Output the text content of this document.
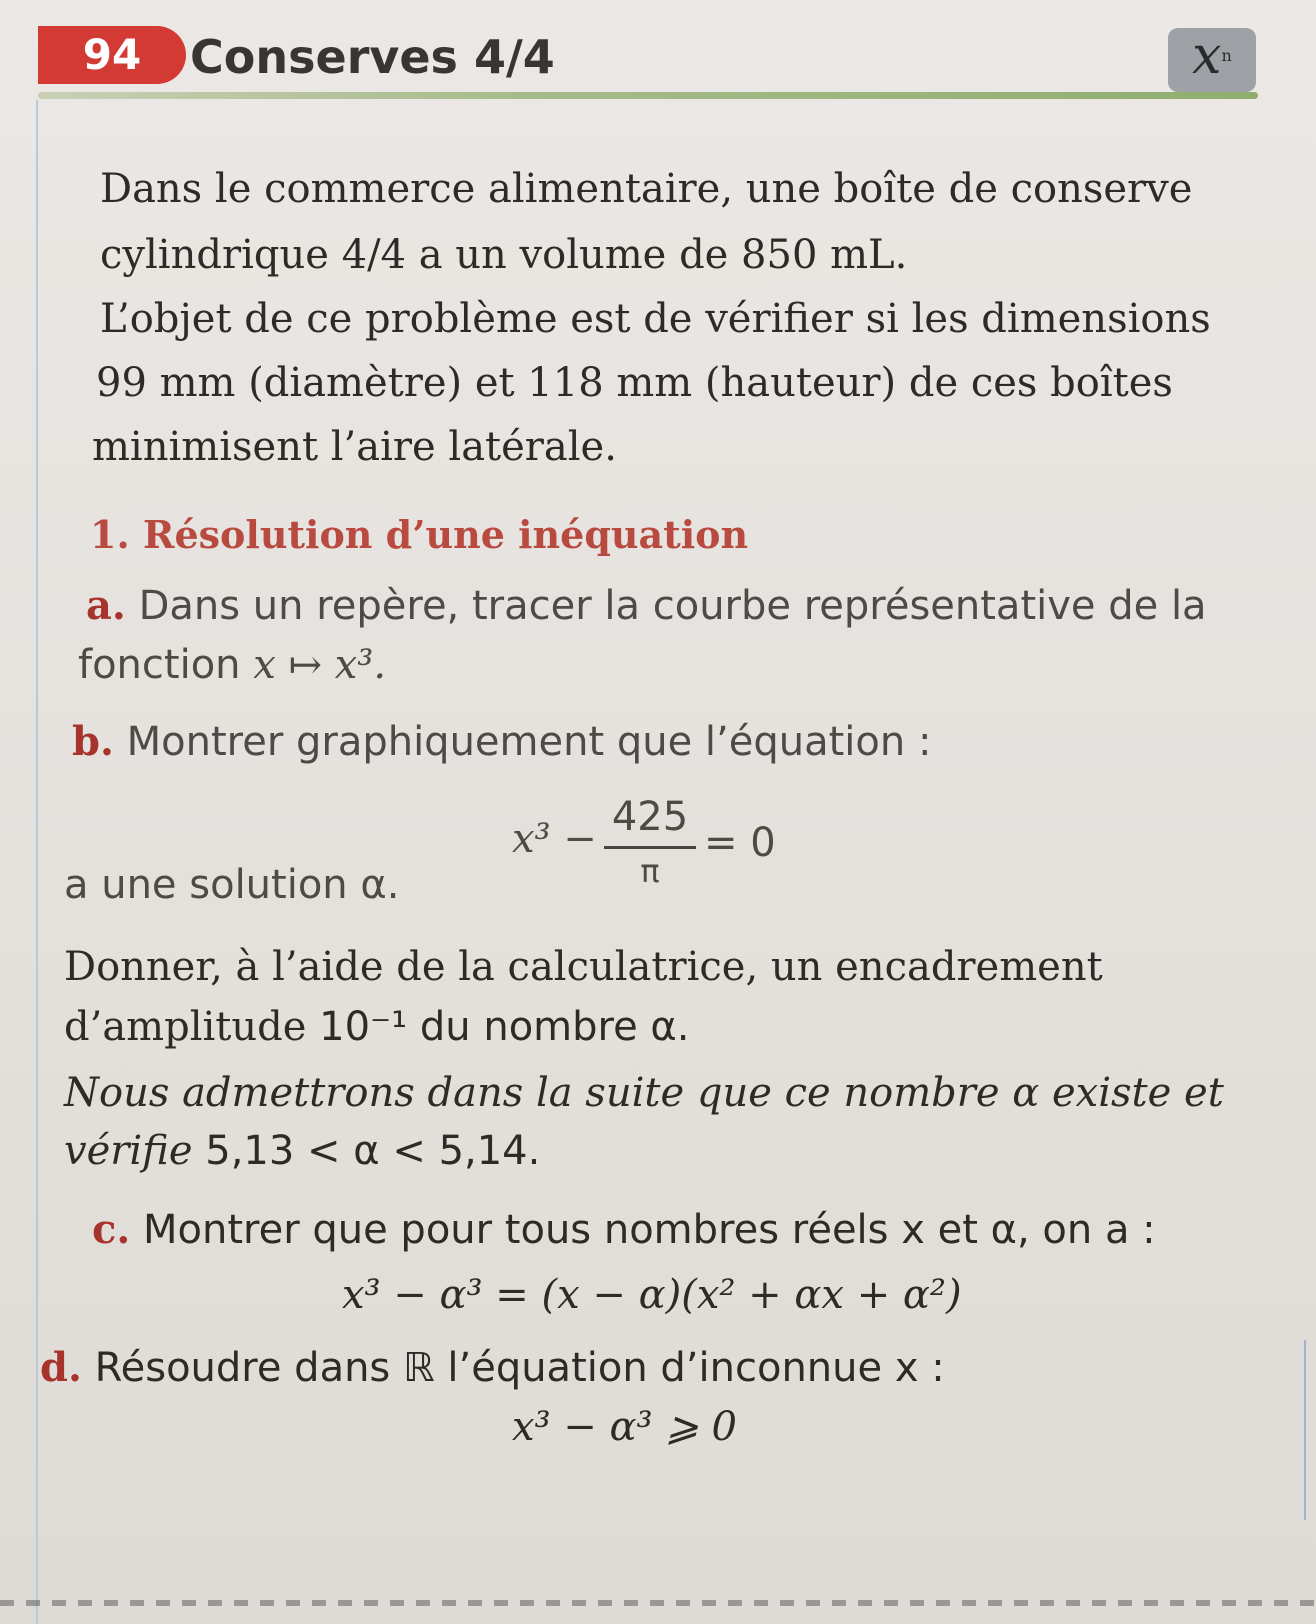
94	Conserves 4/4	$x^n$
Dans le commerce alimentaire, une boîte de conserve
cylindrique 4/4 a un volume de 850 mL.
L’objet de ce problème est de vérifier si les dimensions
99 mm (diamètre) et 118 mm (hauteur) de ces boîtes
minimisent l’aire latérale.
1. Résolution d’une inéquation
a. Dans un repère, tracer la courbe représentative de la
fonction x ↦ x³.
b. Montrer graphiquement que l’équation :
x³ − 425
π
= 0
a une solution α.
Donner, à l’aide de la calculatrice, un encadrement
d’amplitude 10⁻¹ du nombre α.
Nous admettrons dans la suite que ce nombre α existe et
vérifie 5,13 < α < 5,14.
c. Montrer que pour tous nombres réels x et α, on a :
x³ − α³ = (x − α)(x² + αx + α²)
d. Résoudre dans ℝ l’équation d’inconnue x :
x³ − α³ ⩾ 0
